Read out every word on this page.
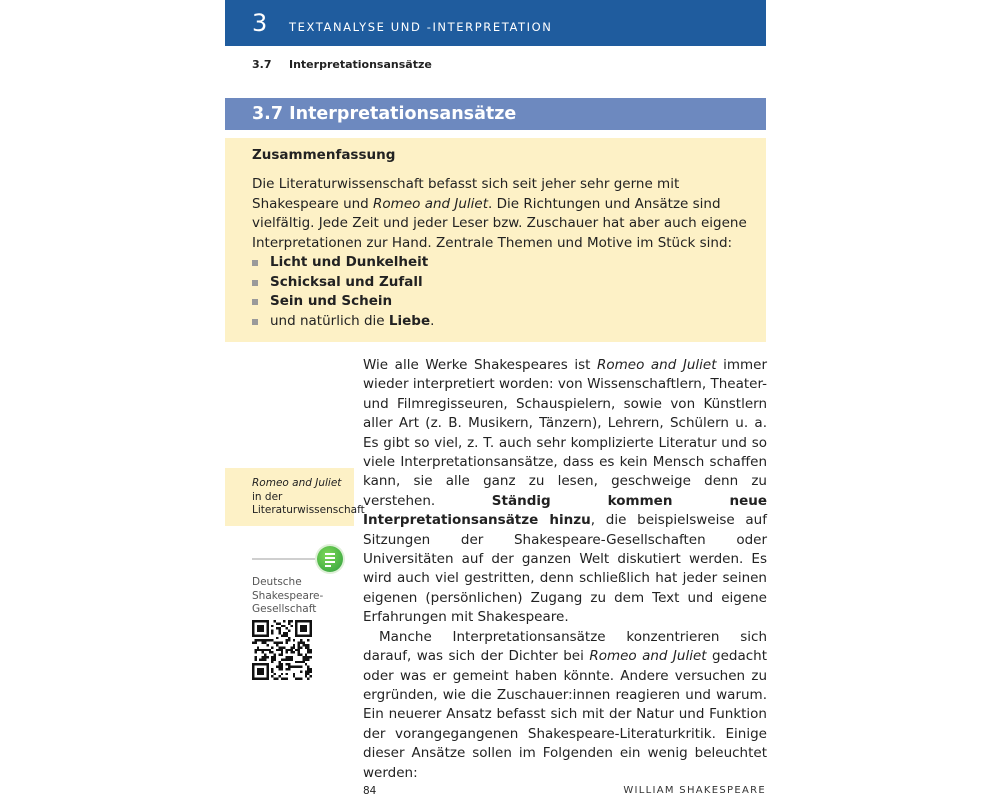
3 TEXTANALYSE UND -INTERPRETATION
3.7 Interpretationsansätze
3.7 Interpretationsansätze
Zusammenfassung

Die Literaturwissenschaft befasst sich seit jeher sehr gerne mit Shakespeare und Romeo and Juliet. Die Richtungen und Ansätze sind vielfältig. Jede Zeit und jeder Leser bzw. Zuschauer hat aber auch eigene Interpretationen zur Hand. Zentrale Themen und Motive im Stück sind:

Licht und Dunkelheit
Schicksal und Zufall
Sein und Schein
und natürlich die Liebe.

Romeo and Juliet in der Literaturwissenschaft

Deutsche Shakespeare-Gesellschaft

Wie alle Werke Shakespeares ist Romeo and Juliet immer wieder interpretiert worden: von Wissenschaftlern, Theater- und Filmregisseuren, Schauspielern, sowie von Künstlern aller Art (z. B. Musikern, Tänzern), Lehrern, Schülern u. a. Es gibt so viel, z. T. auch sehr komplizierte Literatur und so viele Interpretationsansätze, dass es kein Mensch schaffen kann, sie alle ganz zu lesen, geschweige denn zu verstehen. Ständig kommen neue Interpretationsansätze hinzu, die beispielsweise auf Sitzungen der Shakespeare-Gesellschaften oder Universitäten auf der ganzen Welt diskutiert werden. Es wird auch viel gestritten, denn schließlich hat jeder seinen eigenen (persönlichen) Zugang zu dem Text und eigene Erfahrungen mit Shakespeare.

Manche Interpretationsansätze konzentrieren sich darauf, was sich der Dichter bei Romeo and Juliet gedacht oder was er gemeint haben könnte. Andere versuchen zu ergründen, wie die Zuschauer:innen reagieren und warum. Ein neuerer Ansatz befasst sich mit der Natur und Funktion der vorangegangenen Shakespeare-Literaturkritik. Einige dieser Ansätze sollen im Folgenden ein wenig beleuchtet werden:

84	WILLIAM SHAKESPEARE
